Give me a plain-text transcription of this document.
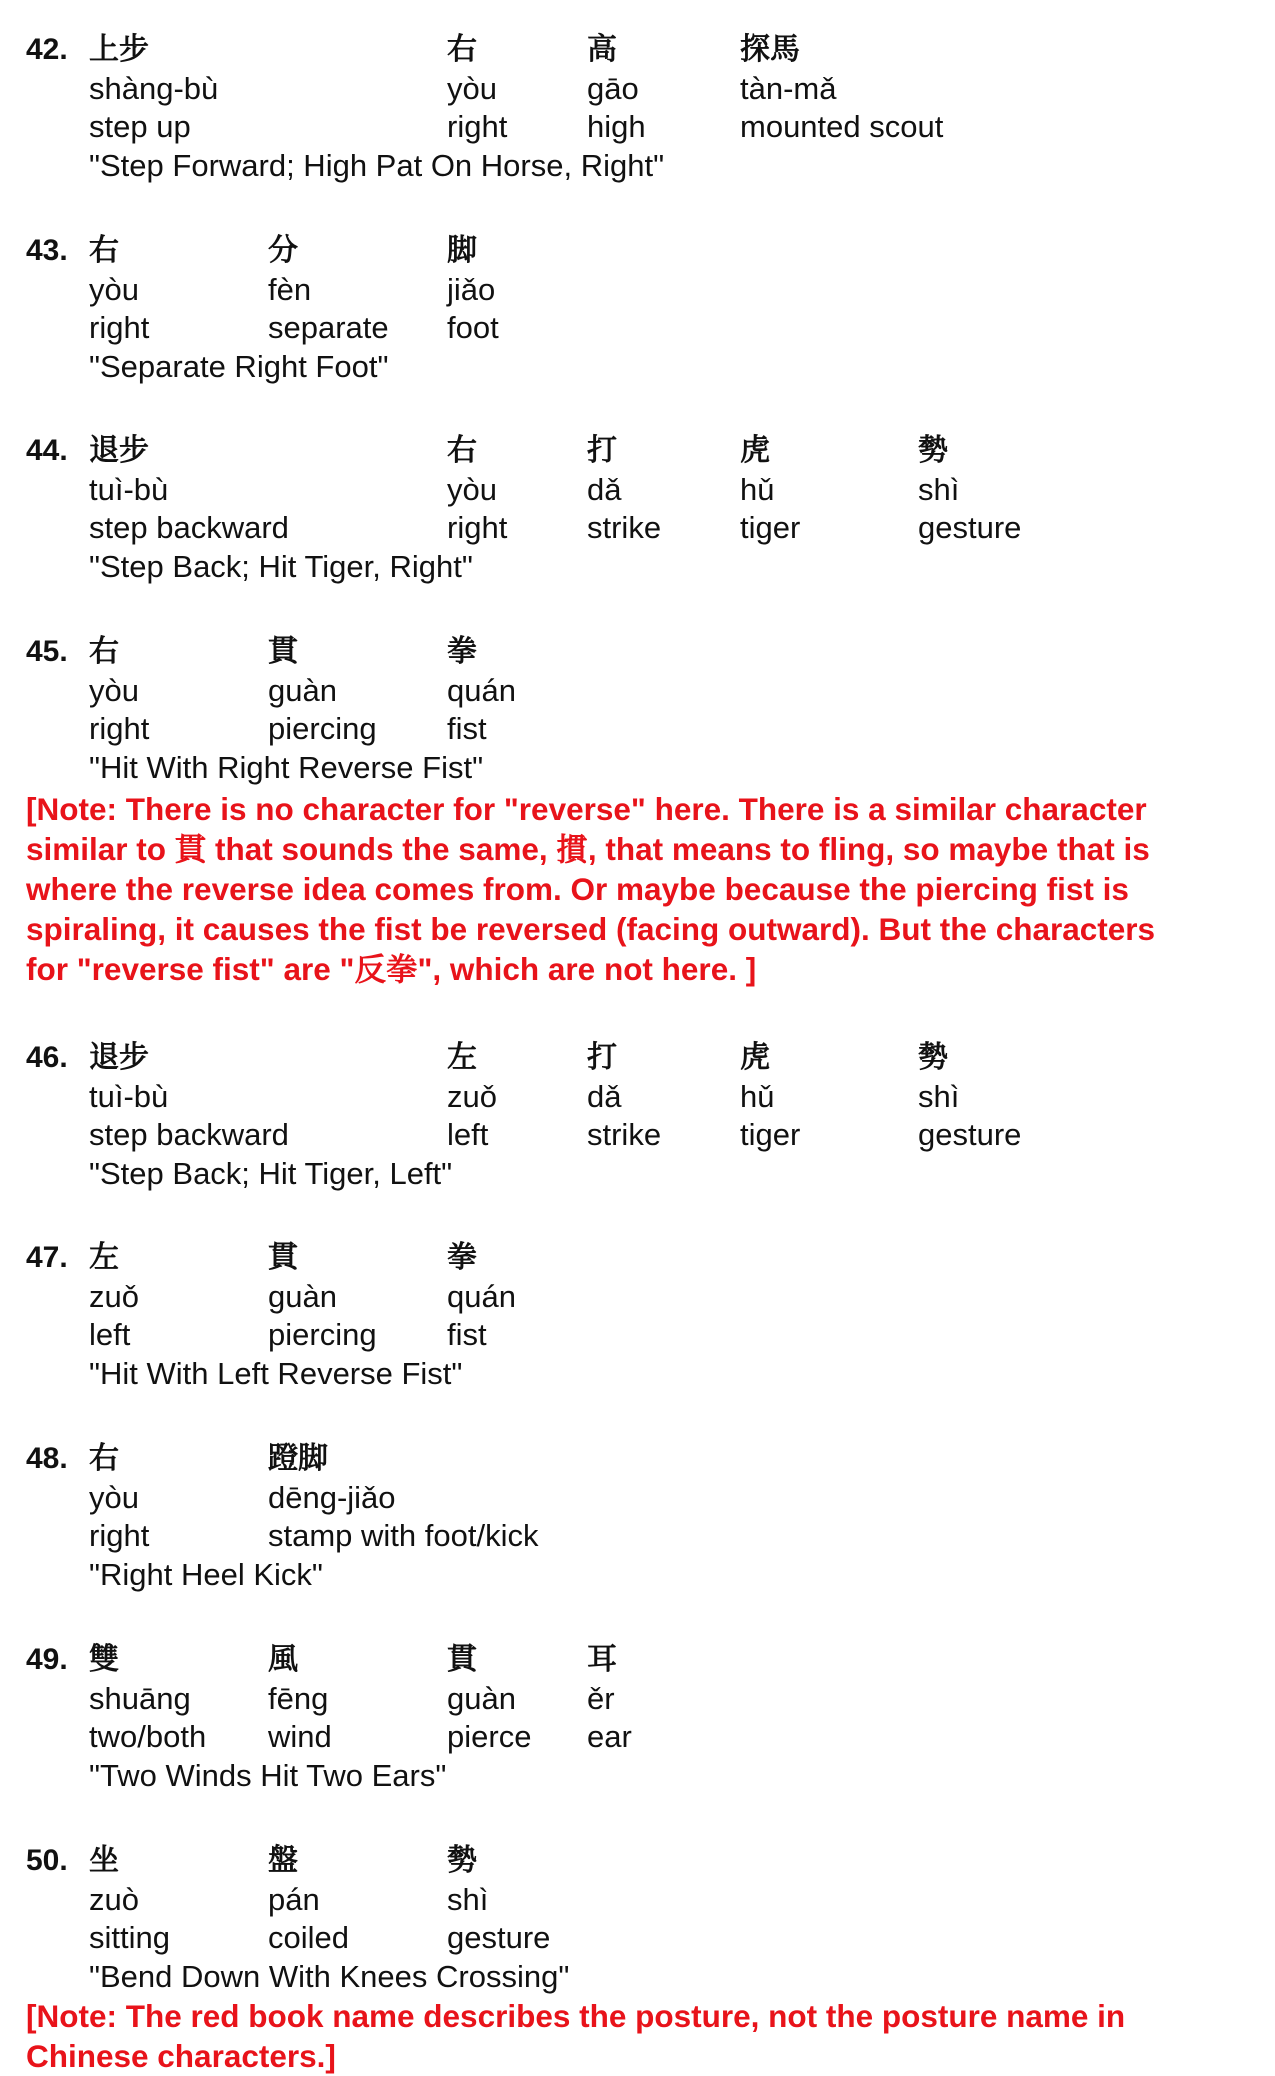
42. 上步
shàng-bù
step up
右
yòu
right
高
gāo
high
探馬
tàn-mǎ
mounted scout
"Step Forward; High Pat On Horse, Right"
43. 右
yòu
right
分
fèn
separate
脚
jiǎo
foot
"Separate Right Foot"
44. 退步
tuì-bù
step backward
右
yòu
right
打
dǎ
strike
虎
hǔ
tiger
勢
shì
gesture
"Step Back; Hit Tiger, Right"
45. 右
yòu
right
貫
guàn
piercing
拳
quán
fist
"Hit With Right Reverse Fist"

[Note: There is no character for "reverse" here. There is a similar character

similar to 貫 that sounds the same, 摜, that means to fling, so maybe that is

where the reverse idea comes from. Or maybe because the piercing fist is

spiraling, it causes the fist be reversed (facing outward). But the characters

for "reverse fist" are "反拳", which are not here. ]

46. 退步
tuì-bù
step backward
左
zuǒ
left
打
dǎ
strike
虎
hǔ
tiger
勢
shì
gesture
"Step Back; Hit Tiger, Left"
47. 左
zuǒ
left
貫
guàn
piercing
拳
quán
fist
"Hit With Left Reverse Fist"
48. 右
yòu
right
蹬脚
dēng-jiǎo
stamp with foot/kick
"Right Heel Kick"
49. 雙
shuāng
two/both
風
fēng
wind
貫
guàn
pierce
耳
ěr
ear
"Two Winds Hit Two Ears"
50. 坐
zuò
sitting
盤
pán
coiled
勢
shì
gesture
"Bend Down With Knees Crossing"

[Note: The red book name describes the posture, not the posture name in

Chinese characters.]
